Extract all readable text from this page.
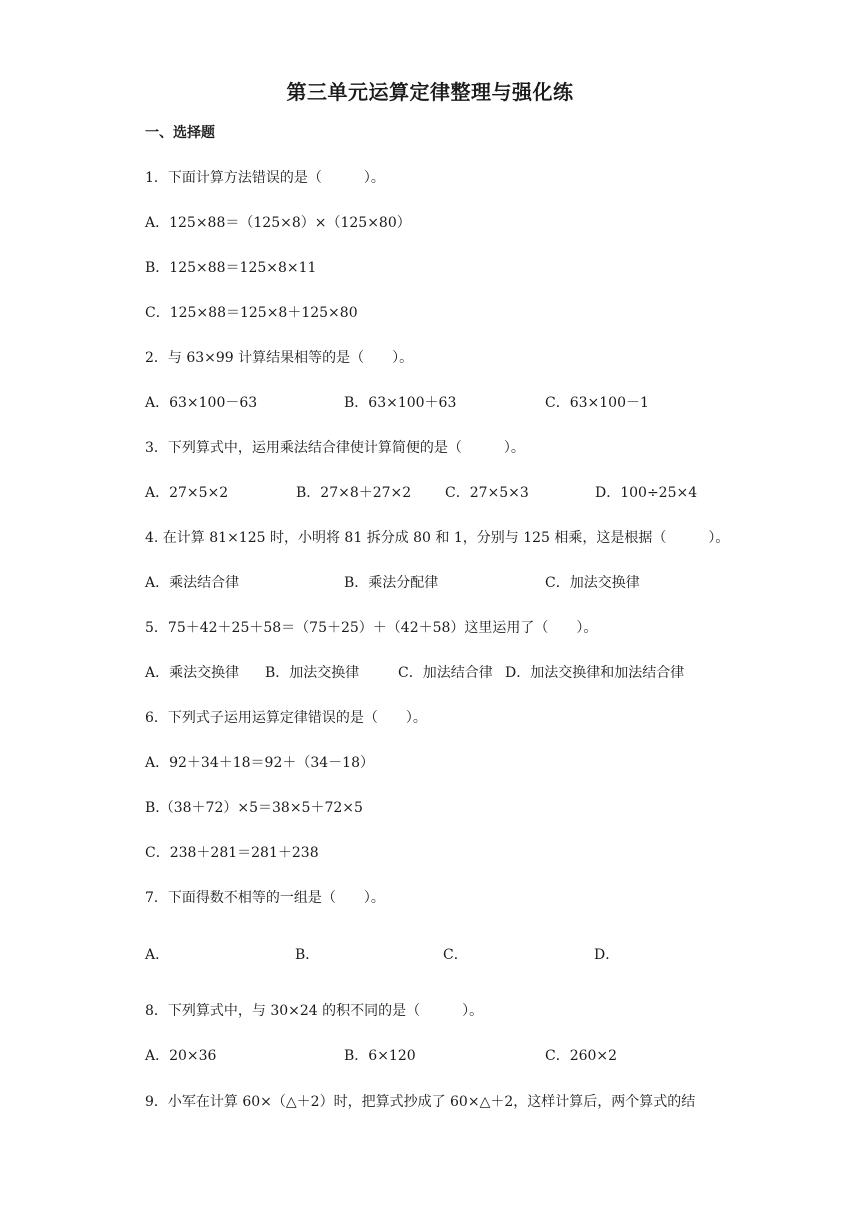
第三单元运算定律整理与强化练
一、选择题
1．下面计算方法错误的是（　　　）。
A．125×88＝（125×8）×（125×80）
B．125×88＝125×8×11
C．125×88＝125×8＋125×80
2．与 63×99 计算结果相等的是（　　）。
A．63×100－63	B．63×100＋63	C．63×100－1
3．下列算式中，运用乘法结合律使计算简便的是（　　　）。
A．27×5×2	B．27×8＋27×2 C．27×5×3	D．100÷25×4
4. 在计算 81×125 时，小明将 81 拆分成 80 和 1，分别与 125 相乘，这是根据（　　　）。
A．乘法结合律	B．乘法分配律	C．加法交换律
5．75＋42＋25＋58＝（75＋25）＋（42＋58）这里运用了（　　）。
A．乘法交换律 B．加法交换律	C．加法结合律 D．加法交换律和加法结合律
6．下列式子运用运算定律错误的是（　　）。
A．92＋34＋18＝92＋（34－18）
B.（38＋72）×5＝38×5＋72×5
C．238＋281＝281＋238
7．下面得数不相等的一组是（　　）。
A．	B．	C．	D．
8．下列算式中，与 30×24 的积不同的是（　　　）。
A．20×36	B．6×120	C．260×2
9．小军在计算 60×（△＋2）时，把算式抄成了 60×△＋2，这样计算后，两个算式的结
